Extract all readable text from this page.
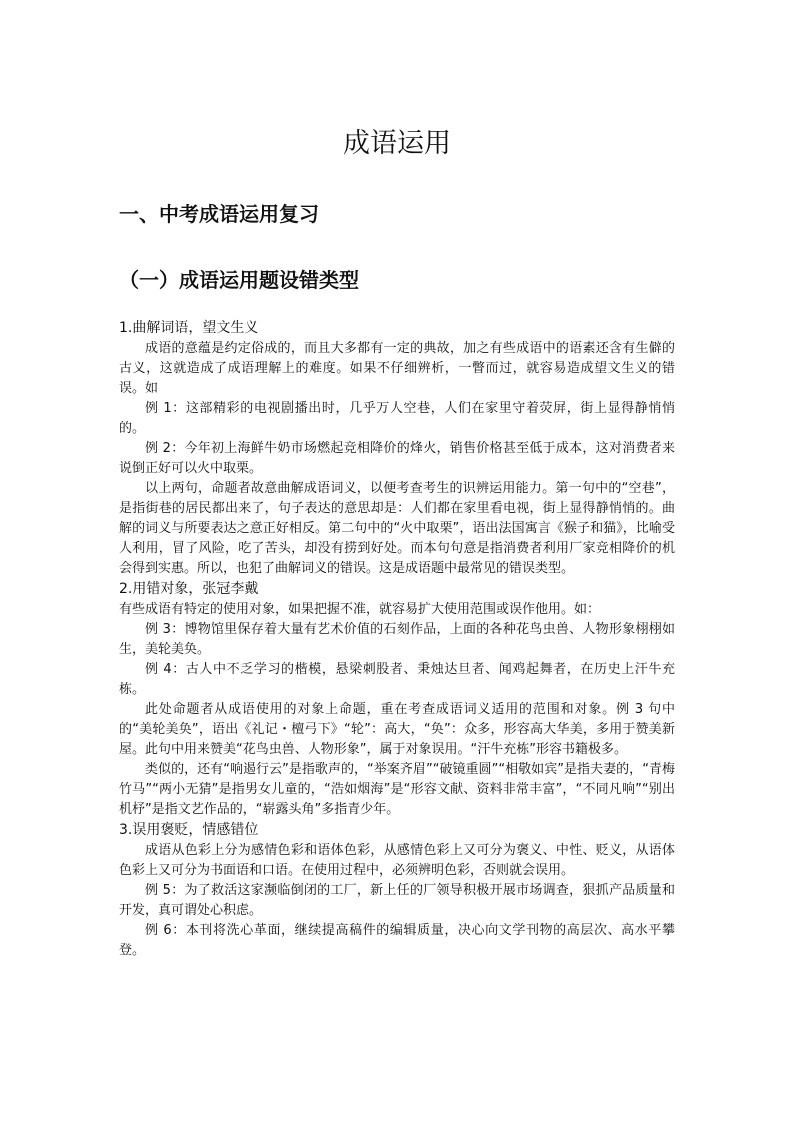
成语运用
一、中考成语运用复习
（一）成语运用题设错类型

1.曲解词语，望文生义

成语的意蕴是约定俗成的，而且大多都有一定的典故，加之有些成语中的语素还含有生僻的古义，这就造成了成语理解上的难度。如果不仔细辨析，一瞥而过，就容易造成望文生义的错误。如

例 1：这部精彩的电视剧播出时，几乎万人空巷，人们在家里守着荧屏，街上显得静悄悄的。

例 2：今年初上海鲜牛奶市场燃起竞相降价的烽火，销售价格甚至低于成本，这对消费者来说倒正好可以火中取栗。

以上两句，命题者故意曲解成语词义，以便考查考生的识辨运用能力。第一句中的“空巷”，是指街巷的居民都出来了，句子表达的意思却是：人们都在家里看电视，街上显得静悄悄的。曲解的词义与所要表达之意正好相反。第二句中的“火中取栗”，语出法国寓言《猴子和猫》，比喻受人利用，冒了风险，吃了苦头，却没有捞到好处。而本句句意是指消费者利用厂家竞相降价的机会得到实惠。所以，也犯了曲解词义的错误。这是成语题中最常见的错误类型。

2.用错对象，张冠李戴

有些成语有特定的使用对象，如果把握不准，就容易扩大使用范围或误作他用。如：

例 3：博物馆里保存着大量有艺术价值的石刻作品，上面的各种花鸟虫兽、人物形象栩栩如生，美轮美奂。

例 4：古人中不乏学习的楷模，悬梁刺股者、秉烛达旦者、闻鸡起舞者，在历史上汗牛充栋。

此处命题者从成语使用的对象上命题，重在考查成语词义适用的范围和对象。例 3 句中的“美轮美奂”，语出《礼记・檀弓下》“轮”：高大，“奂”：众多，形容高大华美，多用于赞美新屋。此句中用来赞美“花鸟虫兽、人物形象”，属于对象误用。“汗牛充栋”形容书籍极多。

类似的，还有“响遏行云”是指歌声的，“举案齐眉”“破镜重圆”“相敬如宾”是指夫妻的，“青梅竹马”“两小无猜”是指男女儿童的，“浩如烟海”是“形容文献、资料非常丰富”，“不同凡响”“别出机杼”是指文艺作品的，“崭露头角”多指青少年。

3.误用褒贬，情感错位

成语从色彩上分为感情色彩和语体色彩，从感情色彩上又可分为褒义、中性、贬义，从语体色彩上又可分为书面语和口语。在使用过程中，必须辨明色彩，否则就会误用。

例 5：为了救活这家濒临倒闭的工厂，新上任的厂领导积极开展市场调查，狠抓产品质量和开发，真可谓处心积虑。

例 6：本刊将洗心革面，继续提高稿件的编辑质量，决心向文学刊物的高层次、高水平攀登。
